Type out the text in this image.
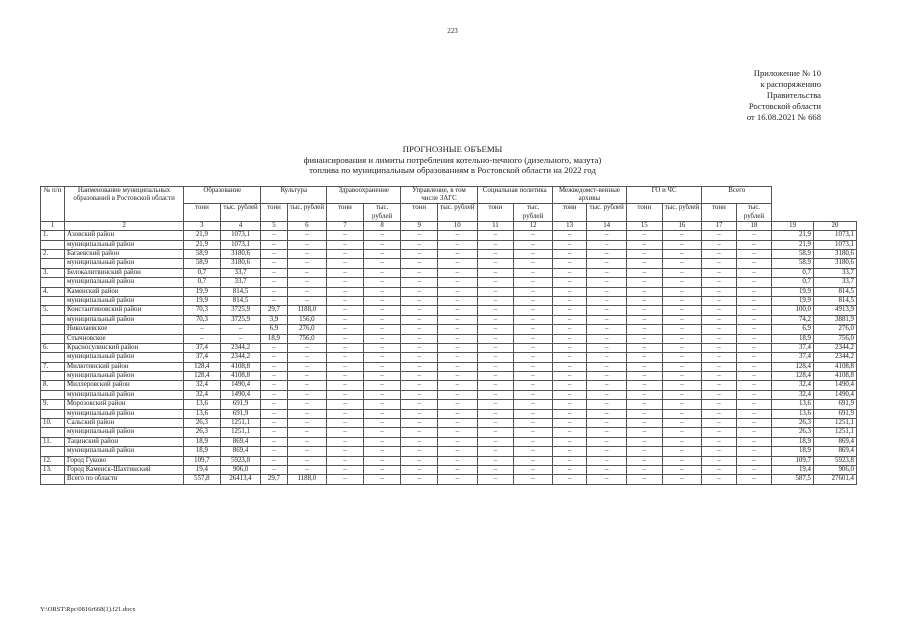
223
Приложение № 10
к распоряжению
Правительства
Ростовской области
от 16.08.2021 № 668
ПРОГНОЗНЫЕ ОБЪЕМЫ
финансирования и лимиты потребления котельно-печного (дизельного, мазута)
топлива по муниципальным образованиям в Ростовской области на 2022 год
№ п/п	Наименование муниципальных образований в Ростовской области	Образование		Культура		Здравоохранение		Управление, в том числе ЗАГС		Социальная политика		Межведомст-венные архивы		ГО и ЧС		Всего			
		тонн	тыс. рублей	тонн	тыс. рублей	тонн	тыс. рублей	тонн	тыс. рублей	тонн	тыс. рублей	тонн	тыс. рублей	тонн	тыс. рублей	тонн	тыс. рублей		
1	2	3	4	5	6	7	8	9	10	11	12	13	14	15	16	17	18	19	20
1.	Азовский район	21,9	1073,1	–	–	–	–	–	–	–	–	–	–	–	–	–	–	21,9	1073,1
	муниципальный район	21,9	1073,1	–	–	–	–	–	–	–	–	–	–	–	–	–	–	21,9	1073,1
2.	Багаевский район	58,9	3180,6	–	–	–	–	–	–	–	–	–	–	–	–	–	–	58,9	3180,6
	муниципальный район	58,9	3180,6	–	–	–	–	–	–	–	–	–	–	–	–	–	–	58,9	3180,6
3.	Белокалитвинский район	0,7	33,7	–	–	–	–	–	–	–	–	–	–	–	–	–	–	0,7	33,7
	муниципальный район	0,7	33,7	–	–	–	–	–	–	–	–	–	–	–	–	–	–	0,7	33,7
4.	Каменский район	19,9	814,5	–	–	–	–	–	–	–	–	–	–	–	–	–	–	19,9	814,5
	муниципальный район	19,9	814,5	–	–	–	–	–	–	–	–	–	–	–	–	–	–	19,9	814,5
5.	Константиновский район	70,3	3725,9	29,7	1188,0	–	–	–	–	–	–	–	–	–	–	–	–	100,0	4913,9
	муниципальный район	70,3	3725,9	3,9	156,0	–	–	–	–	–	–	–	–	–	–	–	–	74,2	3881,9
	Николаевское	–	–	6,9	276,0	–	–	–	–	–	–	–	–	–	–	–	–	6,9	276,0
	Стычновское	–	–	18,9	756,0	–	–	–	–	–	–	–	–	–	–	–	–	18,9	756,0
6.	Красносулинский район	37,4	2344,2	–	–	–	–	–	–	–	–	–	–	–	–	–	–	37,4	2344,2
	муниципальный район	37,4	2344,2	–	–	–	–	–	–	–	–	–	–	–	–	–	–	37,4	2344,2
7.	Милютинский район	128,4	4108,8	–	–	–	–	–	–	–	–	–	–	–	–	–	–	128,4	4108,8
	муниципальный район	128,4	4108,8	–	–	–	–	–	–	–	–	–	–	–	–	–	–	128,4	4108,8
8.	Миллеровский район	32,4	1490,4	–	–	–	–	–	–	–	–	–	–	–	–	–	–	32,4	1490,4
	муниципальный район	32,4	1490,4	–	–	–	–	–	–	–	–	–	–	–	–	–	–	32,4	1490,4
9.	Морозовский район	13,6	691,9	–	–	–	–	–	–	–	–	–	–	–	–	–	–	13,6	691,9
	муниципальный район	13,6	691,9	–	–	–	–	–	–	–	–	–	–	–	–	–	–	13,6	691,9
10.	Сальский район	26,3	1251,1	–	–	–	–	–	–	–	–	–	–	–	–	–	–	26,3	1251,1
	муниципальный район	26,3	1251,1	–	–	–	–	–	–	–	–	–	–	–	–	–	–	26,3	1251,1
11.	Тацинский район	18,9	869,4	–	–	–	–	–	–	–	–	–	–	–	–	–	–	18,9	869,4
	муниципальный район	18,9	869,4	–	–	–	–	–	–	–	–	–	–	–	–	–	–	18,9	869,4
12.	Город Гуково	109,7	5923,8	–	–	–	–	–	–	–	–	–	–	–	–	–	–	109,7	5923,8
13.	Город Каменск-Шахтинский	19,4	906,0	–	–	–	–	–	–	–	–	–	–	–	–	–	–	19,4	906,0
	Всего по области	557,8	26413,4	29,7	1188,0	–	–	–	–	–	–	–	–	–	–	–	–	587,5	27601,4
Y:\ORST\Rpc\0816r668(1).f21.docx
